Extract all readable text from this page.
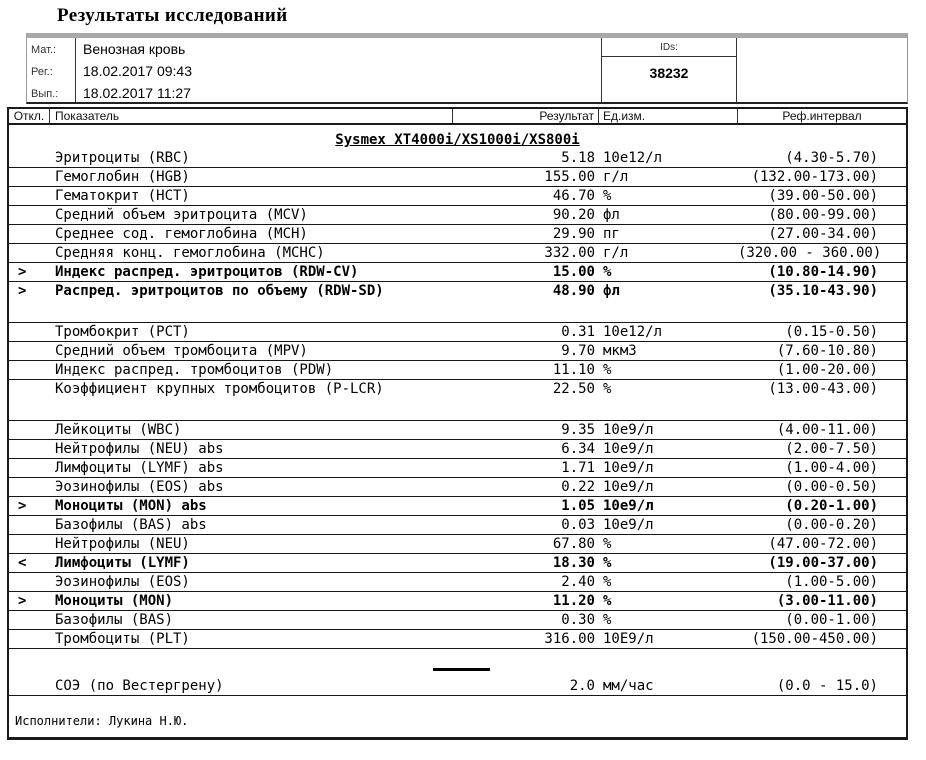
Результаты исследований
Мат.: Венозная кровь
Рег.: 18.02.2017 09:43
Вып.: 18.02.2017 11:27
IDs:
38232
Откл. Показатель	Результат Ед.изм.	Реф.интервал
Sysmex XT4000i/XS1000i/XS800i
Эритроциты (RBC)	5.18 10e12/л	(4.30-5.70)
Гемоглобин (HGB)	155.00 г/л	(132.00-173.00)
Гематокрит (HCT)	46.70 %	(39.00-50.00)
Средний объем эритроцита (MCV)	90.20 фл	(80.00-99.00)
Среднее сод. гемоглобина (MCH)	29.90 пг	(27.00-34.00)
Средняя конц. гемоглобина (MCHC)	332.00 г/л	(320.00 - 360.00)
>	Индекс распред. эритроцитов (RDW-CV)	15.00 %	(10.80-14.90)
>	Распред. эритроцитов по объему (RDW-SD)	48.90 фл	(35.10-43.90)
Тромбокрит (PCT)	0.31 10e12/л	(0.15-0.50)
Средний объем тромбоцита (MPV)	9.70 мкм3	(7.60-10.80)
Индекс распред. тромбоцитов (PDW)	11.10 %	(1.00-20.00)
Коэффициент крупных тромбоцитов (P-LCR)	22.50 %	(13.00-43.00)
Лейкоциты (WBC)	9.35 10e9/л	(4.00-11.00)
Нейтрофилы (NEU) abs	6.34 10e9/л	(2.00-7.50)
Лимфоциты (LYMF) abs	1.71 10e9/л	(1.00-4.00)
Эозинофилы (EOS) abs	0.22 10e9/л	(0.00-0.50)
>	Моноциты (MON) abs	1.05 10e9/л	(0.20-1.00)
Базофилы (BAS) abs	0.03 10e9/л	(0.00-0.20)
Нейтрофилы (NEU)	67.80 %	(47.00-72.00)
<	Лимфоциты (LYMF)	18.30 %	(19.00-37.00)
Эозинофилы (EOS)	2.40 %	(1.00-5.00)
>	Моноциты (MON)	11.20 %	(3.00-11.00)
Базофилы (BAS)	0.30 %	(0.00-1.00)
Тромбоциты (PLT)	316.00 10E9/л	(150.00-450.00)
СОЭ (по Вестергрену)	2.0 мм/час	(0.0 - 15.0)
Исполнители: Лукина Н.Ю.
